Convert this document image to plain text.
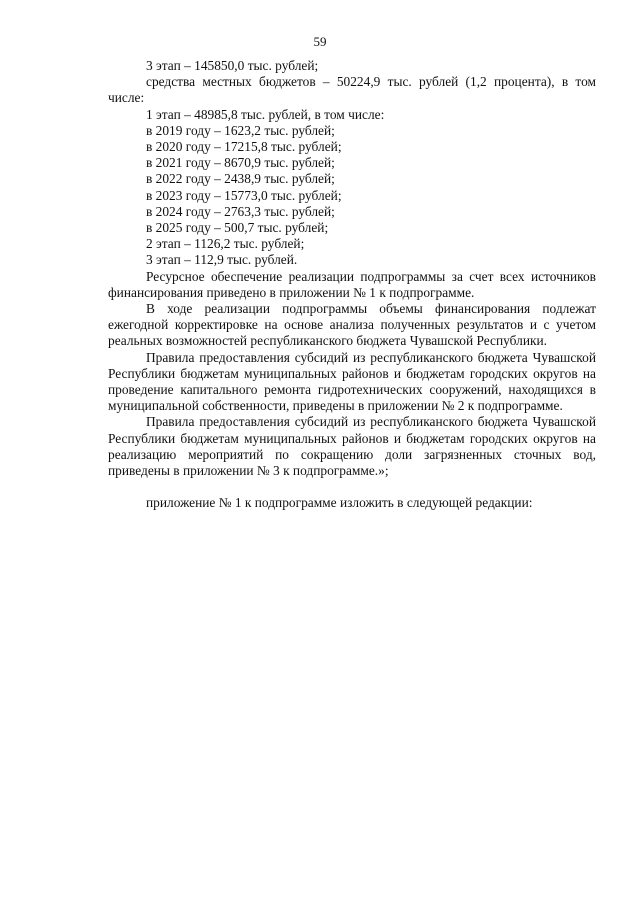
59
3 этап – 145850,0 тыс. рублей;
средства местных бюджетов – 50224,9 тыс. рублей (1,2 процента), в том числе:
1 этап – 48985,8 тыс. рублей, в том числе:
в 2019 году – 1623,2 тыс. рублей;
в 2020 году – 17215,8 тыс. рублей;
в 2021 году – 8670,9 тыс. рублей;
в 2022 году – 2438,9 тыс. рублей;
в 2023 году – 15773,0 тыс. рублей;
в 2024 году – 2763,3 тыс. рублей;
в 2025 году – 500,7 тыс. рублей;
2 этап – 1126,2 тыс. рублей;
3 этап – 112,9 тыс. рублей.
Ресурсное обеспечение реализации подпрограммы за счет всех источников финансирования приведено в приложении № 1 к подпрограмме.
В ходе реализации подпрограммы объемы финансирования подлежат ежегодной корректировке на основе анализа полученных результатов и с учетом реальных возможностей республиканского бюджета Чувашской Республики.
Правила предоставления субсидий из республиканского бюджета Чувашской Республики бюджетам муниципальных районов и бюджетам городских округов на проведение капитального ремонта гидротехнических сооружений, находящихся в муниципальной собственности, приведены в приложении № 2 к подпрограмме.
Правила предоставления субсидий из республиканского бюджета Чувашской Республики бюджетам муниципальных районов и бюджетам городских округов на реализацию мероприятий по сокращению доли загрязненных сточных вод, приведены в приложении № 3 к подпрограмме.»;
приложение № 1 к подпрограмме изложить в следующей редакции:
